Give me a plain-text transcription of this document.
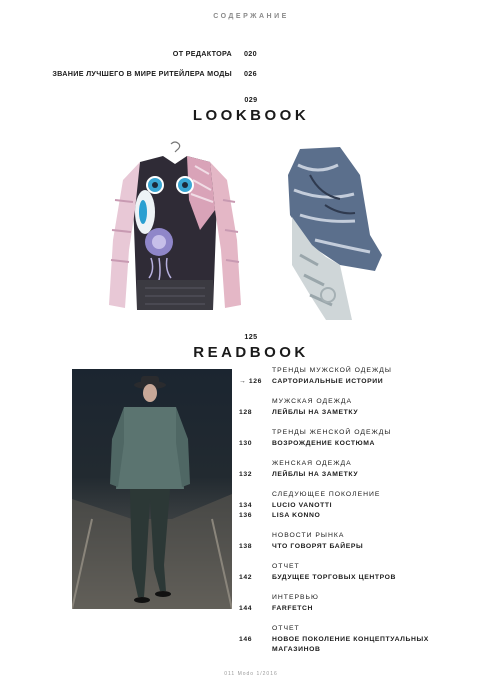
СОДЕРЖАНИЕ
ОТ РЕДАКТОРА 020
ЗВАНИЕ ЛУЧШЕГО В МИРЕ РИТЕЙЛЕРА МОДЫ 026
029
LOOKBOOK
125
READBOOK
ТРЕНДЫ МУЖСКОЙ ОДЕЖДЫ
→ 126	САРТОРИАЛЬНЫЕ ИСТОРИИ
МУЖСКАЯ ОДЕЖДА
128	ЛЕЙБЛЫ НА ЗАМЕТКУ
ТРЕНДЫ ЖЕНСКОЙ ОДЕЖДЫ
130	ВОЗРОЖДЕНИЕ КОСТЮМА
ЖЕНСКАЯ ОДЕЖДА
132	ЛЕЙБЛЫ НА ЗАМЕТКУ
СЛЕДУЮЩЕЕ ПОКОЛЕНИЕ
134	LUCIO VANOTTI
136	LISA KONNO
НОВОСТИ РЫНКА
138	ЧТО ГОВОРЯТ БАЙЕРЫ
ОТЧЕТ
142	БУДУЩЕЕ ТОРГОВЫХ ЦЕНТРОВ
ИНТЕРВЬЮ
144	FARFETCH
ОТЧЕТ
146	НОВОЕ ПОКОЛЕНИЕ КОНЦЕПТУАЛЬНЫХ МАГАЗИНОВ
011 Modo 1/2016
